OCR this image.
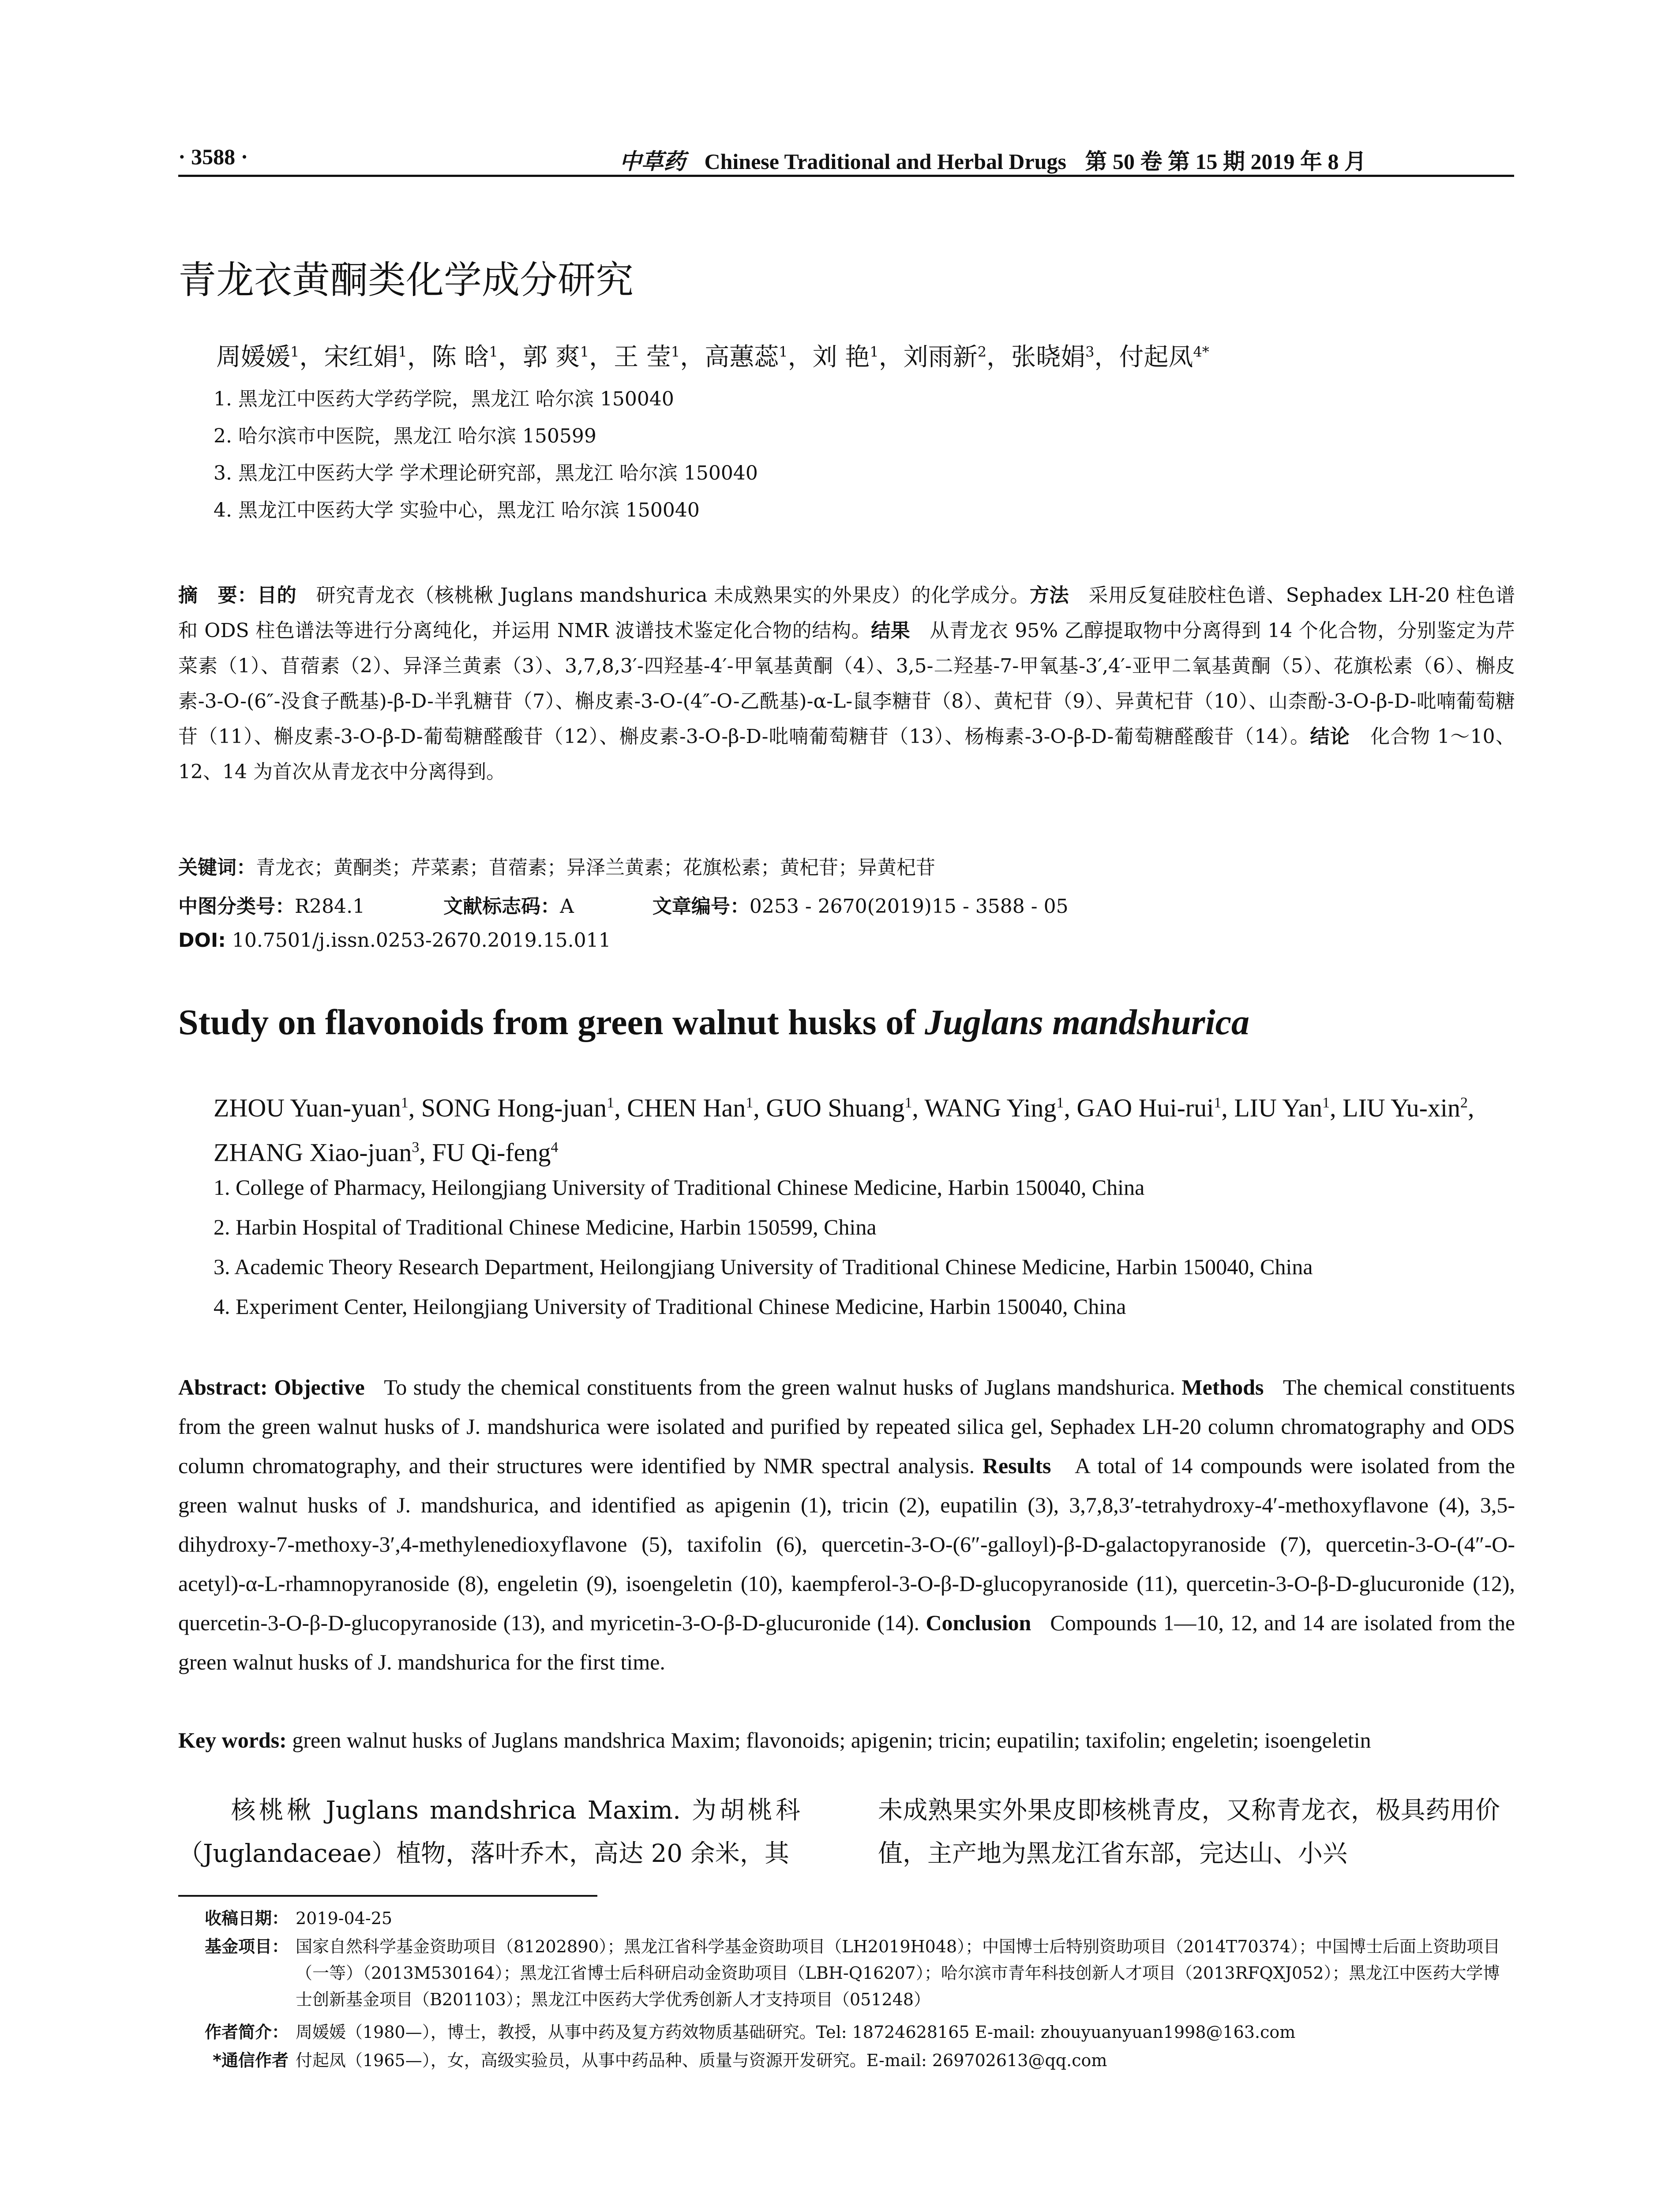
· 3588 ·	中草药 Chinese Traditional and Herbal Drugs 第 50 卷 第 15 期 2019 年 8 月
青龙衣黄酮类化学成分研究
周媛媛$^1$，宋红娟$^1$，陈 晗$^1$，郭 爽$^1$，王 莹$^1$，高蕙蕊$^1$，刘 艳$^1$，刘雨新$^2$，张晓娟$^3$，付起凤$^{4*}$
1. 黑龙江中医药大学药学院，黑龙江 哈尔滨 150040
2. 哈尔滨市中医院，黑龙江 哈尔滨 150599
3. 黑龙江中医药大学 学术理论研究部，黑龙江 哈尔滨 150040
4. 黑龙江中医药大学 实验中心，黑龙江 哈尔滨 150040
摘　要：目的 研究青龙衣（核桃楸 Juglans mandshurica 未成熟果实的外果皮）的化学成分。方法 采用反复硅胶柱色谱、Sephadex LH-20 柱色谱和 ODS 柱色谱法等进行分离纯化，并运用 NMR 波谱技术鉴定化合物的结构。结果 从青龙衣 95% 乙醇提取物中分离得到 14 个化合物，分别鉴定为芹菜素（1）、苜蓿素（2）、异泽兰黄素（3）、3,7,8,3′-四羟基-4′-甲氧基黄酮（4）、3,5-二羟基-7-甲氧基-3′,4′-亚甲二氧基黄酮（5）、花旗松素（6）、槲皮素-3-O-(6″-没食子酰基)-β-D-半乳糖苷（7）、槲皮素-3-O-(4″-O-乙酰基)-α-L-鼠李糖苷（8）、黄杞苷（9）、异黄杞苷（10）、山柰酚-3-O-β-D-吡喃葡萄糖苷（11）、槲皮素-3-O-β-D-葡萄糖醛酸苷（12）、槲皮素-3-O-β-D-吡喃葡萄糖苷（13）、杨梅素-3-O-β-D-葡萄糖醛酸苷（14）。结论 化合物 1～10、12、14 为首次从青龙衣中分离得到。
关键词：青龙衣；黄酮类；芹菜素；苜蓿素；异泽兰黄素；花旗松素；黄杞苷；异黄杞苷
中图分类号：R284.1	文献标志码：A	文章编号：0253 - 2670(2019)15 - 3588 - 05
DOI: 10.7501/j.issn.0253-2670.2019.15.011
Study on flavonoids from green walnut husks of Juglans mandshurica
ZHOU Yuan-yuan$^1$, SONG Hong-juan$^1$, CHEN Han$^1$, GUO Shuang$^1$, WANG Ying$^1$, GAO Hui-rui$^1$, LIU Yan$^1$, LIU Yu-xin$^2$, ZHANG Xiao-juan$^3$, FU Qi-feng$^4$
1. College of Pharmacy, Heilongjiang University of Traditional Chinese Medicine, Harbin 150040, China
2. Harbin Hospital of Traditional Chinese Medicine, Harbin 150599, China
3. Academic Theory Research Department, Heilongjiang University of Traditional Chinese Medicine, Harbin 150040, China
4. Experiment Center, Heilongjiang University of Traditional Chinese Medicine, Harbin 150040, China
Abstract: Objective To study the chemical constituents from the green walnut husks of Juglans mandshurica. Methods The chemical constituents from the green walnut husks of J. mandshurica were isolated and purified by repeated silica gel, Sephadex LH-20 column chromatography and ODS column chromatography, and their structures were identified by NMR spectral analysis. Results A total of 14 compounds were isolated from the green walnut husks of J. mandshurica, and identified as apigenin (1), tricin (2), eupatilin (3), 3,7,8,3′-tetrahydroxy-4′-methoxyflavone (4), 3,5-dihydroxy-7-methoxy-3′,4-methylenedioxyflavone (5), taxifolin (6), quercetin-3-O-(6″-galloyl)-β-D-galactopyranoside (7), quercetin-3-O-(4″-O-acetyl)-α-L-rhamnopyranoside (8), engeletin (9), isoengeletin (10), kaempferol-3-O-β-D-glucopyranoside (11), quercetin-3-O-β-D-glucuronide (12), quercetin-3-O-β-D-glucopyranoside (13), and myricetin-3-O-β-D-glucuronide (14). Conclusion Compounds 1—10, 12, and 14 are isolated from the green walnut husks of J. mandshurica for the first time.
Key words: green walnut husks of Juglans mandshrica Maxim; flavonoids; apigenin; tricin; eupatilin; taxifolin; engeletin; isoengeletin
核桃楸 Juglans mandshrica Maxim. 为胡桃科（Juglandaceae）植物，落叶乔木，高达 20 余米，其
未成熟果实外果皮即核桃青皮，又称青龙衣，极具药用价值，主产地为黑龙江省东部，完达山、小兴
收稿日期： 2019-04-25
基金项目： 国家自然科学基金资助项目（81202890）；黑龙江省科学基金资助项目（LH2019H048）；中国博士后特别资助项目（2014T70374）；中国博士后面上资助项目（一等）（2013M530164）；黑龙江省博士后科研启动金资助项目（LBH-Q16207）；哈尔滨市青年科技创新人才项目（2013RFQXJ052）；黑龙江中医药大学博士创新基金项目（B201103）；黑龙江中医药大学优秀创新人才支持项目（051248）
作者简介： 周媛媛（1980—），博士，教授，从事中药及复方药效物质基础研究。Tel: 18724628165 E-mail: zhouyuanyuan1998@163.com
*通信作者 付起凤（1965—），女，高级实验员，从事中药品种、质量与资源开发研究。E-mail: 269702613@qq.com
